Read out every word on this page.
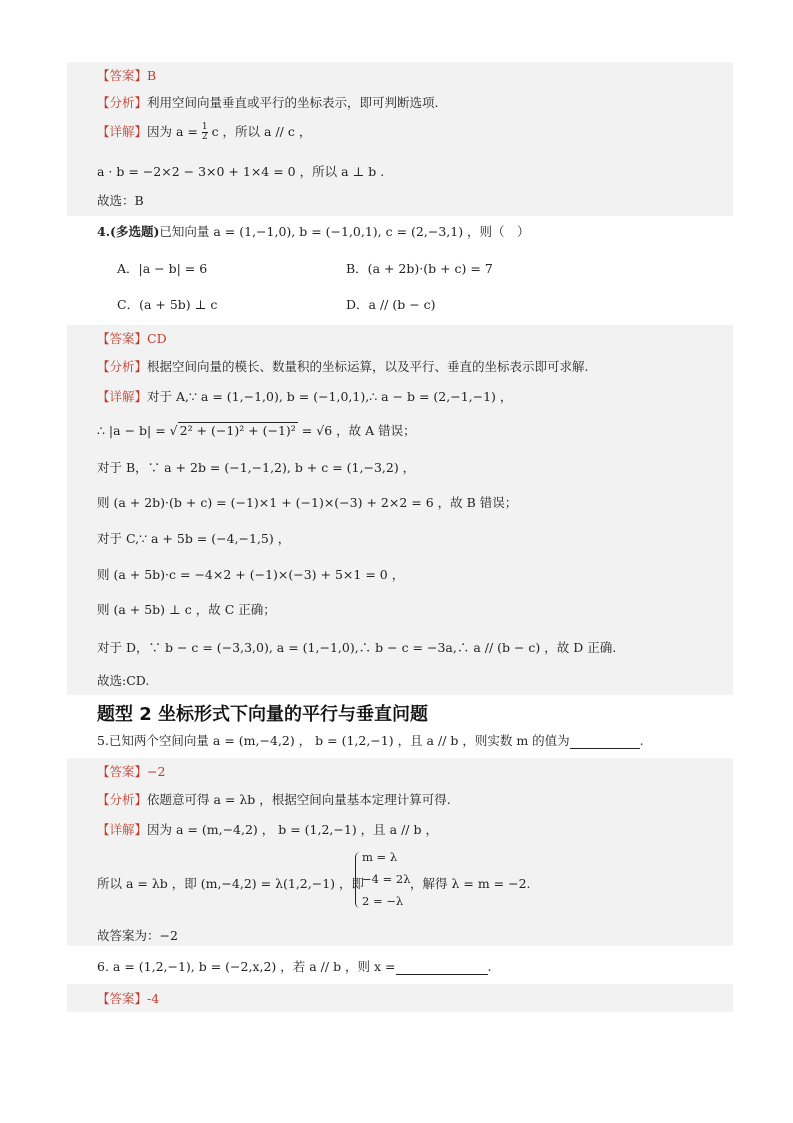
【答案】B
【分析】利用空间向量垂直或平行的坐标表示，即可判断选项.
【详解】因为 $a = \frac{1}{2}$ c ，所以 a // c ，
a · b = −2×2 − 3×0 + 1×4 = 0 ，所以 a ⊥ b .
故选：B
4.(多选题)已知向量 a = (1,−1,0), b = (−1,0,1), c = (2,−3,1) ，则（　）
A．|a − b| = 6	B．(a + 2b)·(b + c) = 7
C．(a + 5b) ⊥ c	D．a // (b − c)
【答案】CD
【分析】根据空间向量的模长、数量积的坐标运算，以及平行、垂直的坐标表示即可求解.
【详解】对于 A,∵ a = (1,−1,0), b = (−1,0,1),∴ a − b = (2,−1,−1) ，
∴ |a − b| = √ 2² + (−1)² + (−1)² = √6 ，故 A 错误；
对于 B，∵ a + 2b = (−1,−1,2), b + c = (1,−3,2) ，
则 (a + 2b)·(b + c) = (−1)×1 + (−1)×(−3) + 2×2 = 6 ，故 B 错误；
对于 C,∵ a + 5b = (−4,−1,5) ，
则 (a + 5b)·c = −4×2 + (−1)×(−3) + 5×1 = 0 ，
则 (a + 5b) ⊥ c ，故 C 正确；
对于 D，∵ b − c = (−3,3,0), a = (1,−1,0),∴ b − c = −3a,∴ a // (b − c) ，故 D 正确.
故选:CD.
题型 2 坐标形式下向量的平行与垂直问题
5.已知两个空间向量 a = (m,−4,2) ， b = (1,2,−1) ，且 a // b ，则实数 m 的值为	.
【答案】−2
【分析】依题意可得 a = λb ，根据空间向量基本定理计算可得.
【详解】因为 a = (m,−4,2) ， b = (1,2,−1) ，且 a // b ，
所以 a = λb ，即 (m,−4,2) = λ(1,2,−1) ，即
m = λ
−4 = 2λ
2 = −λ
，解得 λ = m = −2.
故答案为：−2
6. a = (1,2,−1), b = (−2,x,2) ，若 a // b ，则 x =	.
【答案】-4
